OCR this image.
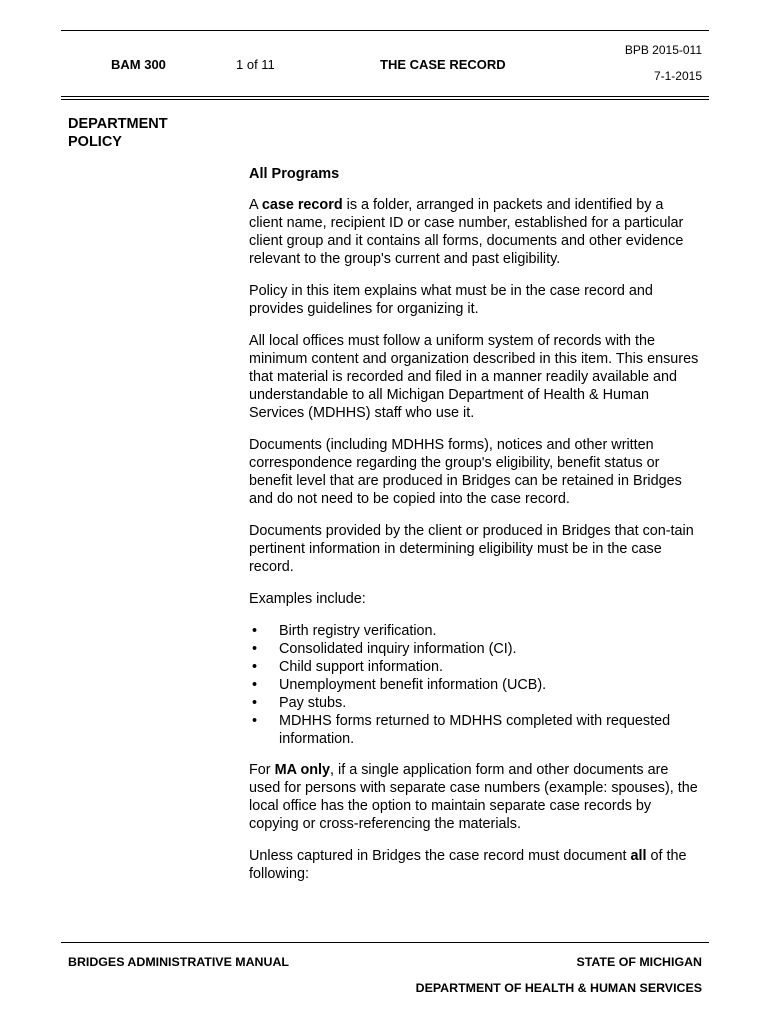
BAM 300	1 of 11	THE CASE RECORD
BPB 2015-011
7-1-2015
DEPARTMENT
POLICY
All Programs

A case record is a folder, arranged in packets and identified by a client name, recipient ID or case number, established for a particular client group and it contains all forms, documents and other evidence relevant to the group's current and past eligibility.

Policy in this item explains what must be in the case record and provides guidelines for organizing it.

All local offices must follow a uniform system of records with the minimum content and organization described in this item. This ensures that material is recorded and filed in a manner readily available and understandable to all Michigan Department of Health & Human Services (MDHHS) staff who use it.

Documents (including MDHHS forms), notices and other written correspondence regarding the group's eligibility, benefit status or benefit level that are produced in Bridges can be retained in Bridges and do not need to be copied into the case record.

Documents provided by the client or produced in Bridges that con-tain pertinent information in determining eligibility must be in the case record.

Examples include:

• Birth registry verification.
• Consolidated inquiry information (CI).
• Child support information.
• Unemployment benefit information (UCB).
• Pay stubs.
• MDHHS forms returned to MDHHS completed with requested information.

For MA only, if a single application form and other documents are used for persons with separate case numbers (example: spouses), the local office has the option to maintain separate case records by copying or cross-referencing the materials.

Unless captured in Bridges the case record must document all of the following:

BRIDGES ADMINISTRATIVE MANUAL	STATE OF MICHIGAN
DEPARTMENT OF HEALTH & HUMAN SERVICES
